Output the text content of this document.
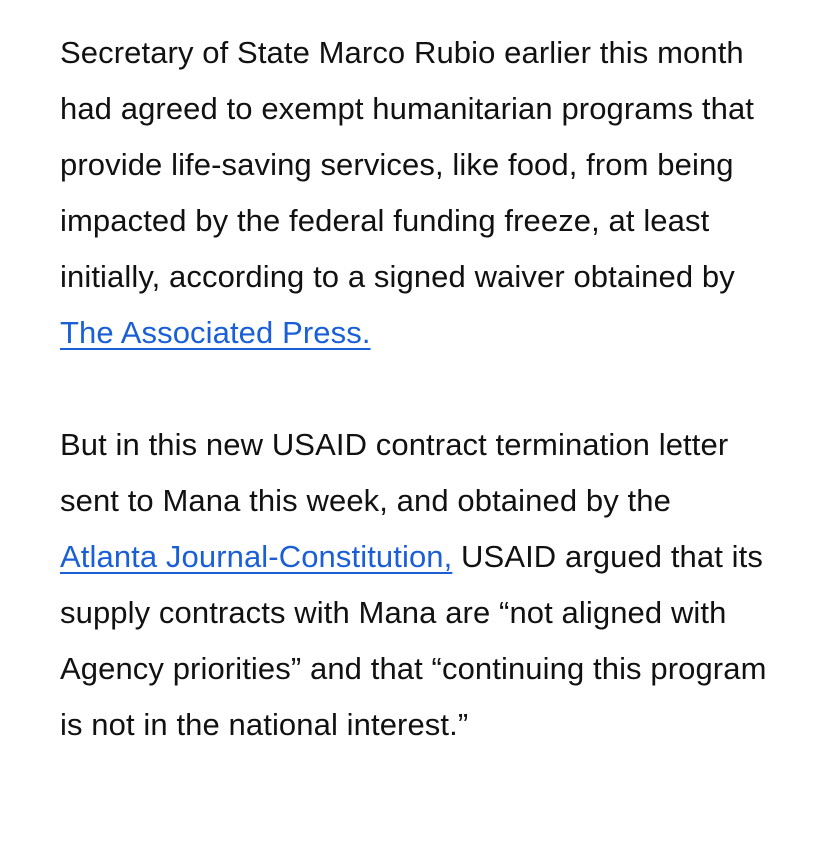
Secretary of State Marco Rubio earlier this month had agreed to exempt humanitarian programs that provide life-saving services, like food, from being impacted by the federal funding freeze, at least initially, according to a signed waiver obtained by The Associated Press.

But in this new USAID contract termination letter sent to Mana this week, and obtained by the Atlanta Journal-Constitution, USAID argued that its supply contracts with Mana are “not aligned with Agency priorities” and that “continuing this program is not in the national interest.”
